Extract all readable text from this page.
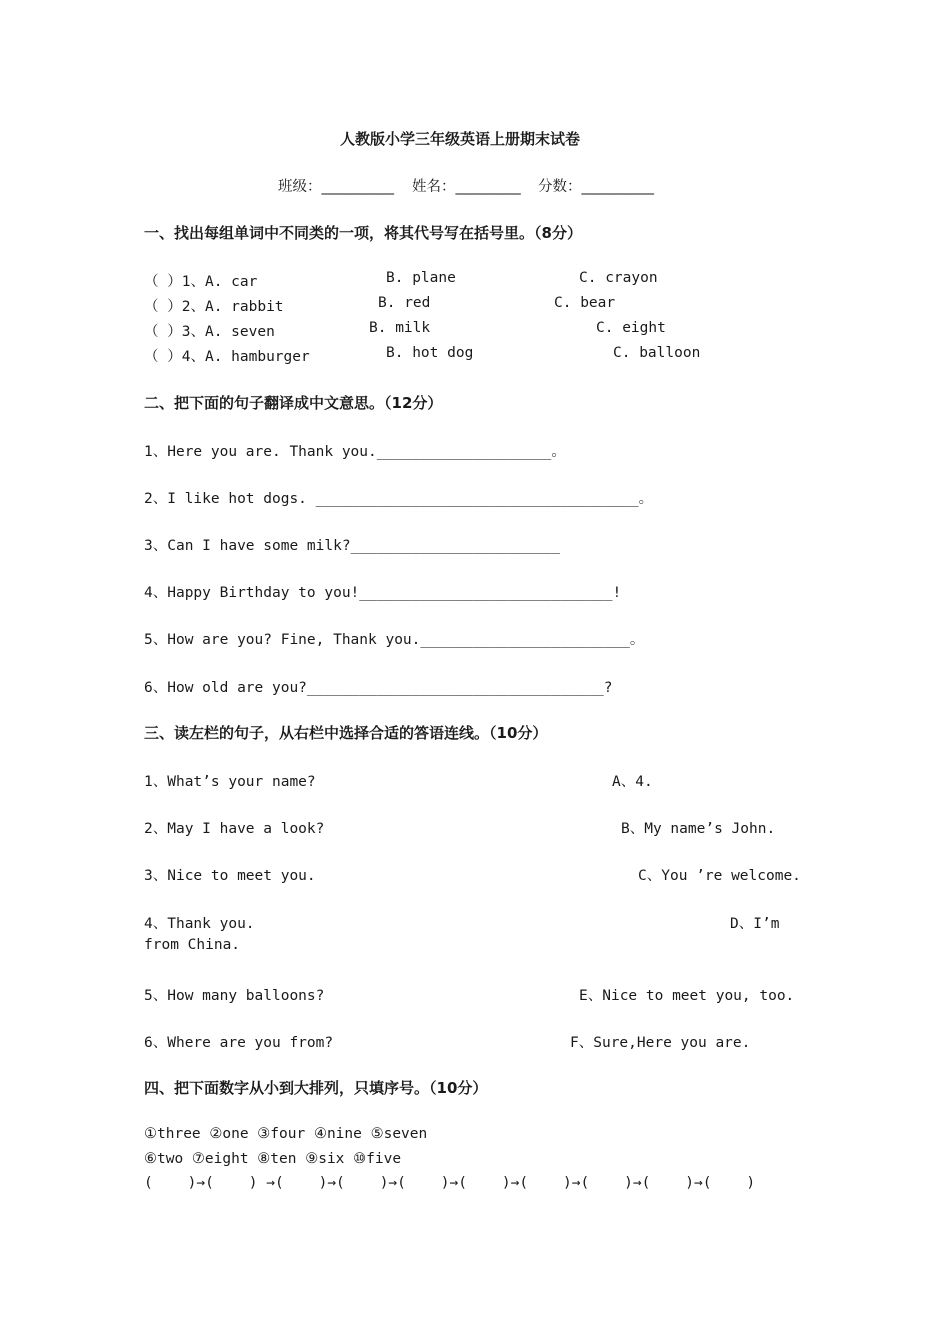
人教版小学三年级英语上册期末试卷
班级：__________ 姓名：_________ 分数：__________
一、找出每组单词中不同类的一项，将其代号写在括号里。（8分）
（ ）1、A. car	B. plane	C. crayon
（ ）2、A. rabbit	B. red	C. bear
（ ）3、A. seven	B. milk	C. eight
（ ）4、A. hamburger	B. hot dog	C. balloon
二、把下面的句子翻译成中文意思。（12分）
1、Here you are. Thank you.____________________。
2、I like hot dogs. _____________________________________。
3、Can I have some milk?________________________
4、Happy Birthday to you!_____________________________!
5、How are you? Fine, Thank you.________________________。
6、How old are you?__________________________________?
三、读左栏的句子，从右栏中选择合适的答语连线。（10分）
1、What’s your name?	A、4.
2、May I have a look?	B、My name’s John.
3、Nice to meet you.	C、You ’re welcome.
4、Thank you.	D、I’m
from China.
5、How many balloons?	E、Nice to meet you, too.
6、Where are you from?	F、Sure,Here you are.
四、把下面数字从小到大排列，只填序号。（10分）
①three ②one ③four ④nine ⑤seven
⑥two ⑦eight ⑧ten ⑨six ⑩five
(    )→(    ) →(    )→(    )→(    )→(    )→(    )→(    )→(    )→(    )
